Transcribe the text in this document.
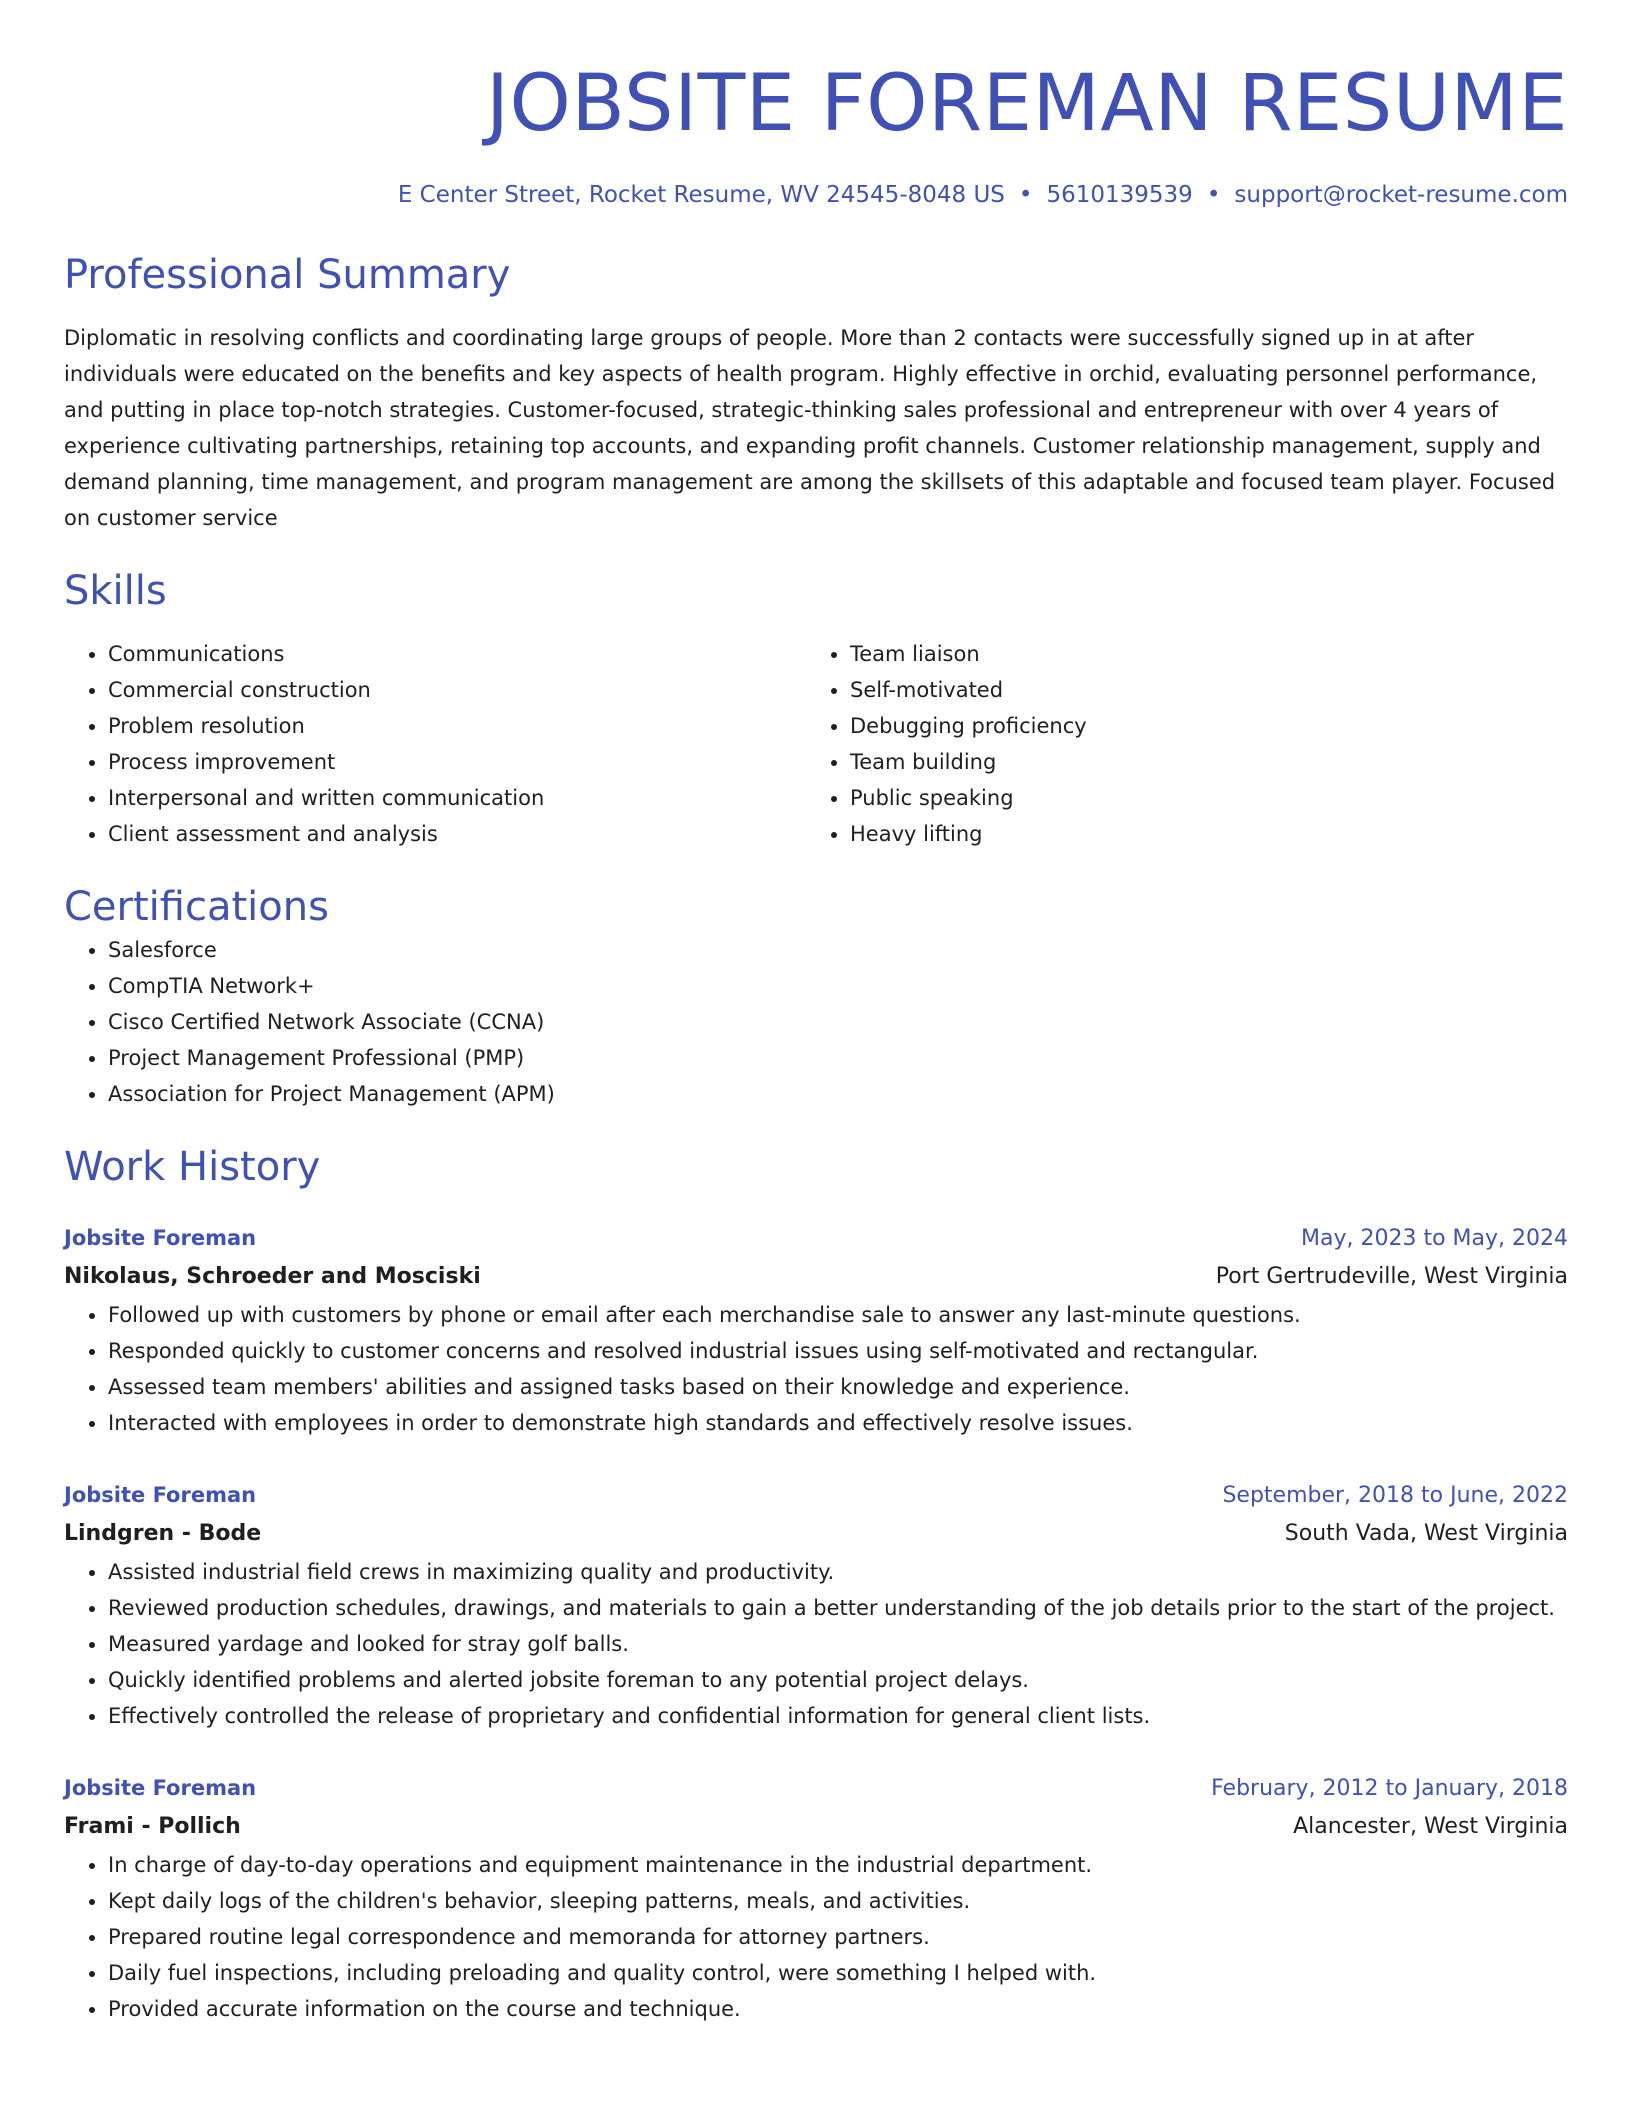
JOBSITE FOREMAN RESUME
E Center Street, Rocket Resume, WV 24545-8048 US • 5610139539 • support@rocket-resume.com
Professional Summary

Diplomatic in resolving conflicts and coordinating large groups of people. More than 2 contacts were successfully signed up in at after individuals were educated on the benefits and key aspects of health program. Highly effective in orchid, evaluating personnel performance, and putting in place top-notch strategies. Customer-focused, strategic-thinking sales professional and entrepreneur with over 4 years of experience cultivating partnerships, retaining top accounts, and expanding profit channels. Customer relationship management, supply and demand planning, time management, and program management are among the skillsets of this adaptable and focused team player. Focused on customer service

Skills
• Communications
• Commercial construction
• Problem resolution
• Process improvement
• Interpersonal and written communication
• Client assessment and analysis
• Team liaison
• Self-motivated
• Debugging proficiency
• Team building
• Public speaking
• Heavy lifting
Certifications
• Salesforce
• CompTIA Network+
• Cisco Certified Network Associate (CCNA)
• Project Management Professional (PMP)
• Association for Project Management (APM)
Work History
Jobsite Foreman	May, 2023 to May, 2024
Nikolaus, Schroeder and Mosciski	Port Gertrudeville, West Virginia
• Followed up with customers by phone or email after each merchandise sale to answer any last-minute questions.
• Responded quickly to customer concerns and resolved industrial issues using self-motivated and rectangular.
• Assessed team members' abilities and assigned tasks based on their knowledge and experience.
• Interacted with employees in order to demonstrate high standards and effectively resolve issues.
Jobsite Foreman	September, 2018 to June, 2022
Lindgren - Bode	South Vada, West Virginia
• Assisted industrial field crews in maximizing quality and productivity.
• Reviewed production schedules, drawings, and materials to gain a better understanding of the job details prior to the start of the project.
• Measured yardage and looked for stray golf balls.
• Quickly identified problems and alerted jobsite foreman to any potential project delays.
• Effectively controlled the release of proprietary and confidential information for general client lists.
Jobsite Foreman	February, 2012 to January, 2018
Frami - Pollich	Alancester, West Virginia
• In charge of day-to-day operations and equipment maintenance in the industrial department.
• Kept daily logs of the children's behavior, sleeping patterns, meals, and activities.
• Prepared routine legal correspondence and memoranda for attorney partners.
• Daily fuel inspections, including preloading and quality control, were something I helped with.
• Provided accurate information on the course and technique.
